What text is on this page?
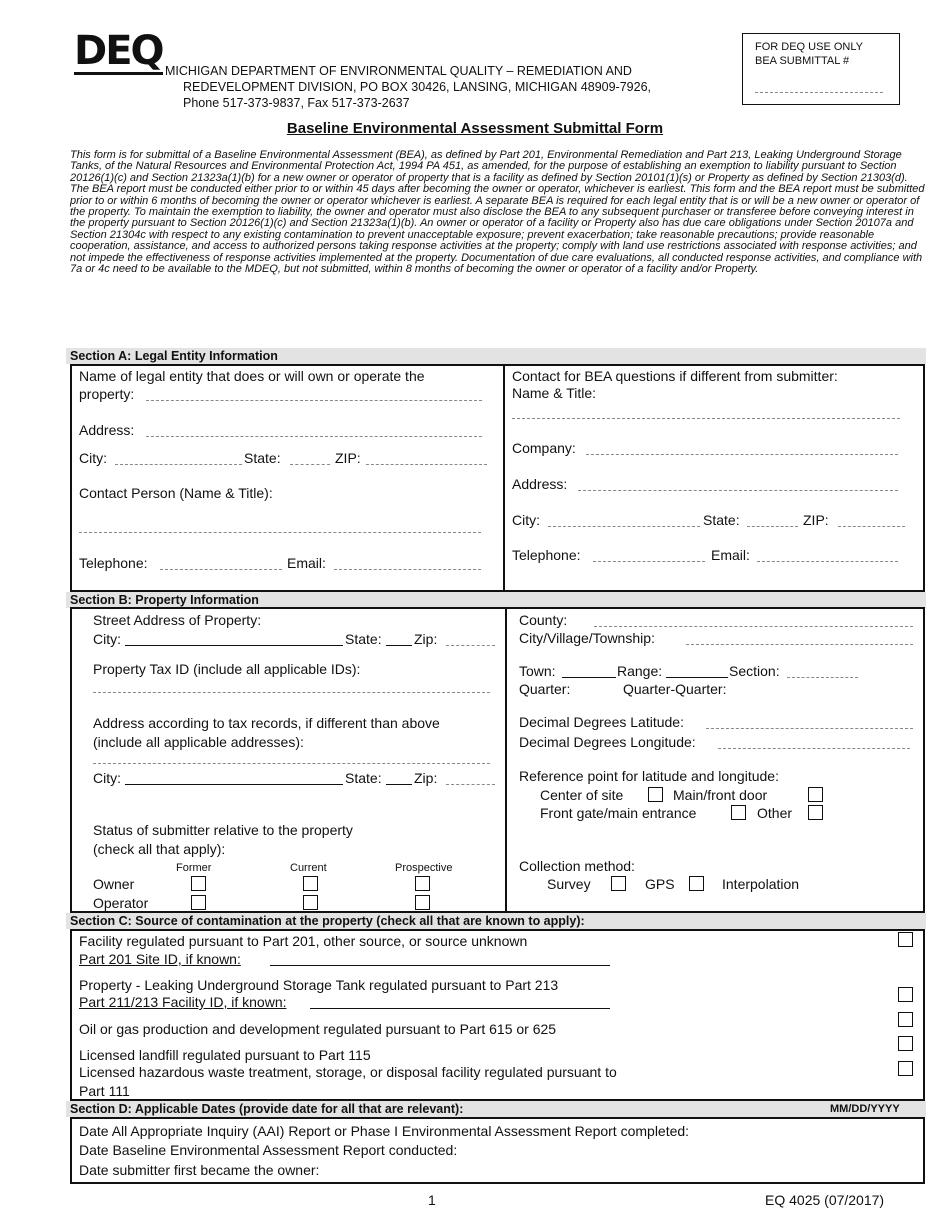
DEQ MICHIGAN DEPARTMENT OF ENVIRONMENTAL QUALITY – REMEDIATION AND
REDEVELOPMENT DIVISION, PO BOX 30426, LANSING, MICHIGAN 48909-7926,
Phone 517-373-9837, Fax 517-373-2637
FOR DEQ USE ONLY
BEA SUBMITTAL #
Baseline Environmental Assessment Submittal Form
This form is for submittal of a Baseline Environmental Assessment (BEA), as defined by Part 201, Environmental Remediation and Part 213, Leaking Underground Storage Tanks, of the Natural Resources and Environmental Protection Act, 1994 PA 451, as amended, for the purpose of establishing an exemption to liability pursuant to Section 20126(1)(c) and Section 21323a(1)(b) for a new owner or operator of property that is a facility as defined by Section 20101(1)(s) or Property as defined by Section 21303(d). The BEA report must be conducted either prior to or within 45 days after becoming the owner or operator, whichever is earliest. This form and the BEA report must be submitted prior to or within 6 months of becoming the owner or operator whichever is earliest. A separate BEA is required for each legal entity that is or will be a new owner or operator of the property. To maintain the exemption to liability, the owner and operator must also disclose the BEA to any subsequent purchaser or transferee before conveying interest in the property pursuant to Section 20126(1)(c) and Section 21323a(1)(b). An owner or operator of a facility or Property also has due care obligations under Section 20107a and Section 21304c with respect to any existing contamination to prevent unacceptable exposure; prevent exacerbation; take reasonable precautions; provide reasonable cooperation, assistance, and access to authorized persons taking response activities at the property; comply with land use restrictions associated with response activities; and not impede the effectiveness of response activities implemented at the property. Documentation of due care evaluations, all conducted response activities, and compliance with 7a or 4c need to be available to the MDEQ, but not submitted, within 8 months of becoming the owner or operator of a facility and/or Property.
Section A: Legal Entity Information
Name of legal entity that does or will own or operate the
property:
Address:
City:	State:	ZIP:
Contact Person (Name & Title):
Telephone:	Email:
Contact for BEA questions if different from submitter:
Name & Title:
Company:
Address:
City:	State:	ZIP:
Telephone:	Email:
Section B: Property Information
Street Address of Property:
City:	State: Zip:
Property Tax ID (include all applicable IDs):
Address according to tax records, if different than above
(include all applicable addresses):
City:	State: Zip:
Status of submitter relative to the property
(check all that apply):
Former	Current	Prospective
Owner
Operator
County:
City/Village/Township:
Town:	Range:	Section:
Quarter:	Quarter-Quarter:
Decimal Degrees Latitude:
Decimal Degrees Longitude:
Reference point for latitude and longitude:
Center of site	Main/front door
Front gate/main entrance	Other
Collection method:
Survey	GPS	Interpolation
Section C: Source of contamination at the property (check all that are known to apply):
Facility regulated pursuant to Part 201, other source, or source unknown
Part 201 Site ID, if known:
Property - Leaking Underground Storage Tank regulated pursuant to Part 213
Part 211/213 Facility ID, if known:
Oil or gas production and development regulated pursuant to Part 615 or 625
Licensed landfill regulated pursuant to Part 115
Licensed hazardous waste treatment, storage, or disposal facility regulated pursuant to
Part 111
Section D: Applicable Dates (provide date for all that are relevant):	MM/DD/YYYY
Date All Appropriate Inquiry (AAI) Report or Phase I Environmental Assessment Report completed:
Date Baseline Environmental Assessment Report conducted:
Date submitter first became the owner:
1	EQ 4025 (07/2017)
